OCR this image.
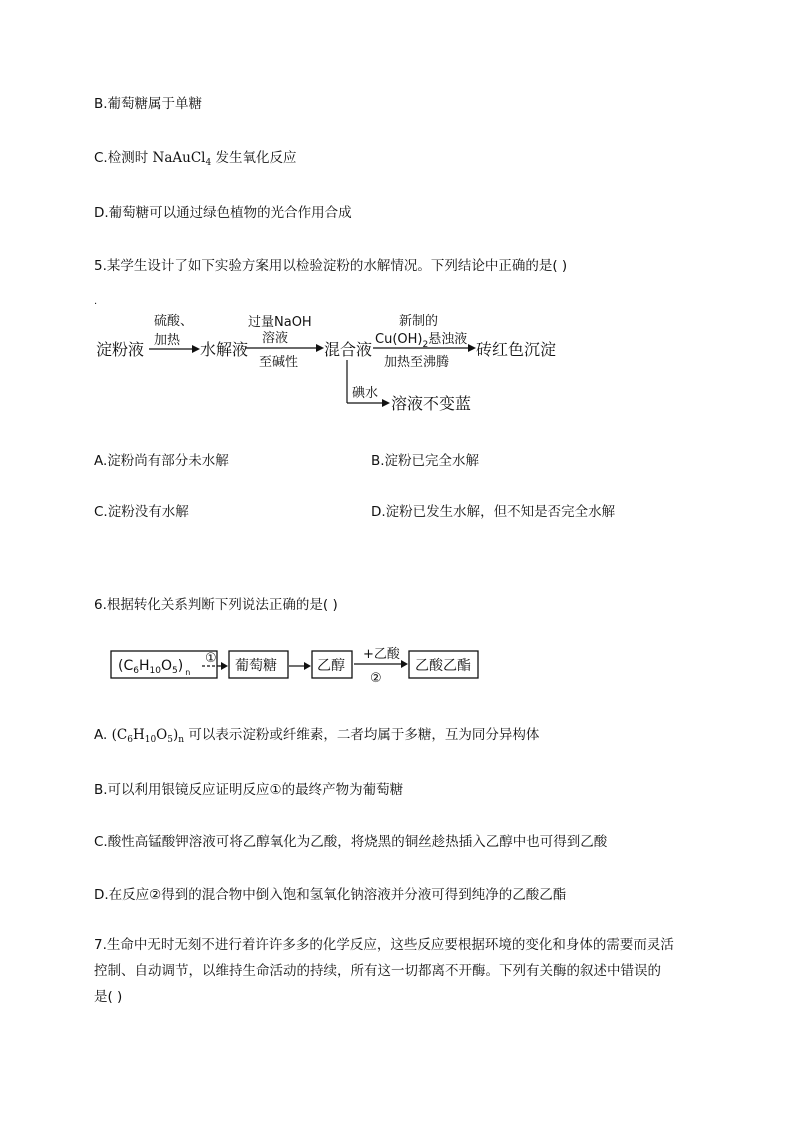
B.葡萄糖属于单糖
C.检测时 NaAuCl$_4$ 发生氧化反应
D.葡萄糖可以通过绿色植物的光合作用合成
5.某学生设计了如下实验方案用以检验淀粉的水解情况。下列结论中正确的是( )
.
淀粉液
硫酸、
加热 水解液
过量NaOH
溶液
至碱性
混合液
新制的
$Cu(OH)_2$悬浊液
加热至沸腾
砖红色沉淀
碘水
溶液不变蓝
A.淀粉尚有部分未水解	B.淀粉已完全水解
C.淀粉没有水解	D.淀粉已发生水解，但不知是否完全水解
6.根据转化关系判断下列说法正确的是( )
$(C_6H_{10}O_5)$ $_n$
① 葡萄糖	乙醇
+乙酸
②
乙酸乙酯
A. $(C_6H_{10}O_5)_n$ 可以表示淀粉或纤维素，二者均属于多糖，互为同分异构体
B.可以利用银镜反应证明反应①的最终产物为葡萄糖
C.酸性高锰酸钾溶液可将乙醇氧化为乙酸，将烧黑的铜丝趁热插入乙醇中也可得到乙酸
D.在反应②得到的混合物中倒入饱和氢氧化钠溶液并分液可得到纯净的乙酸乙酯
7.生命中无时无刻不进行着许许多多的化学反应，这些反应要根据环境的变化和身体的需要而灵活
控制、自动调节，以维持生命活动的持续，所有这一切都离不开酶。下列有关酶的叙述中错误的
是( )
